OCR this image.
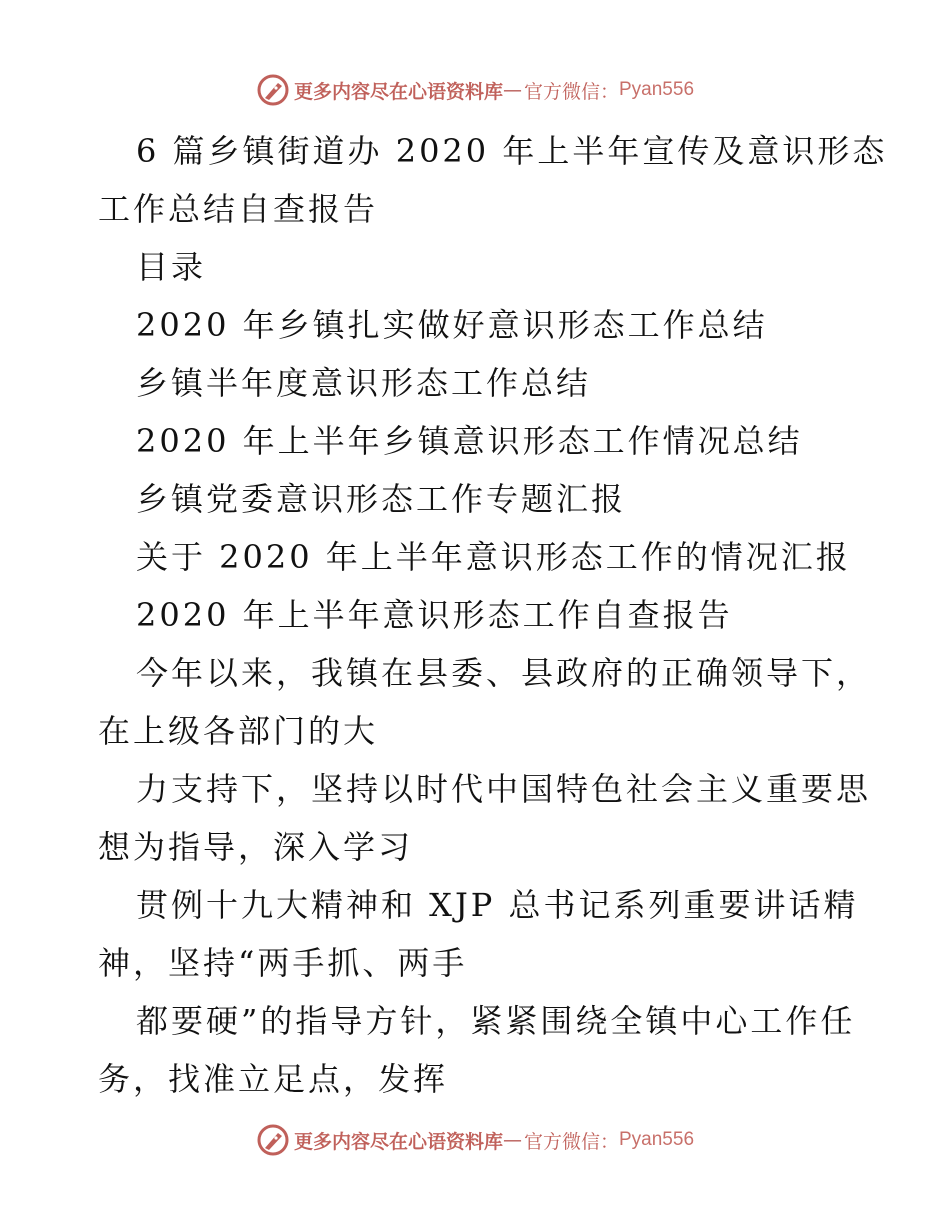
更多内容尽在心语资料库 — 官方微信： Pyan556
6 篇乡镇街道办 2020 年上半年宣传及意识形态
工作总结自查报告
目录
2020 年乡镇扎实做好意识形态工作总结
乡镇半年度意识形态工作总结
2020 年上半年乡镇意识形态工作情况总结
乡镇党委意识形态工作专题汇报
关于 2020 年上半年意识形态工作的情况汇报
2020 年上半年意识形态工作自查报告
今年以来，我镇在县委、县政府的正确领导下，
在上级各部门的大
力支持下，坚持以时代中国特色社会主义重要思
想为指导，深入学习
贯例十九大精神和 XJP 总书记系列重要讲话精
神，坚持“两手抓、两手
都要硬”的指导方针，紧紧围绕全镇中心工作任
务，找准立足点，发挥
更多内容尽在心语资料库 — 官方微信： Pyan556
